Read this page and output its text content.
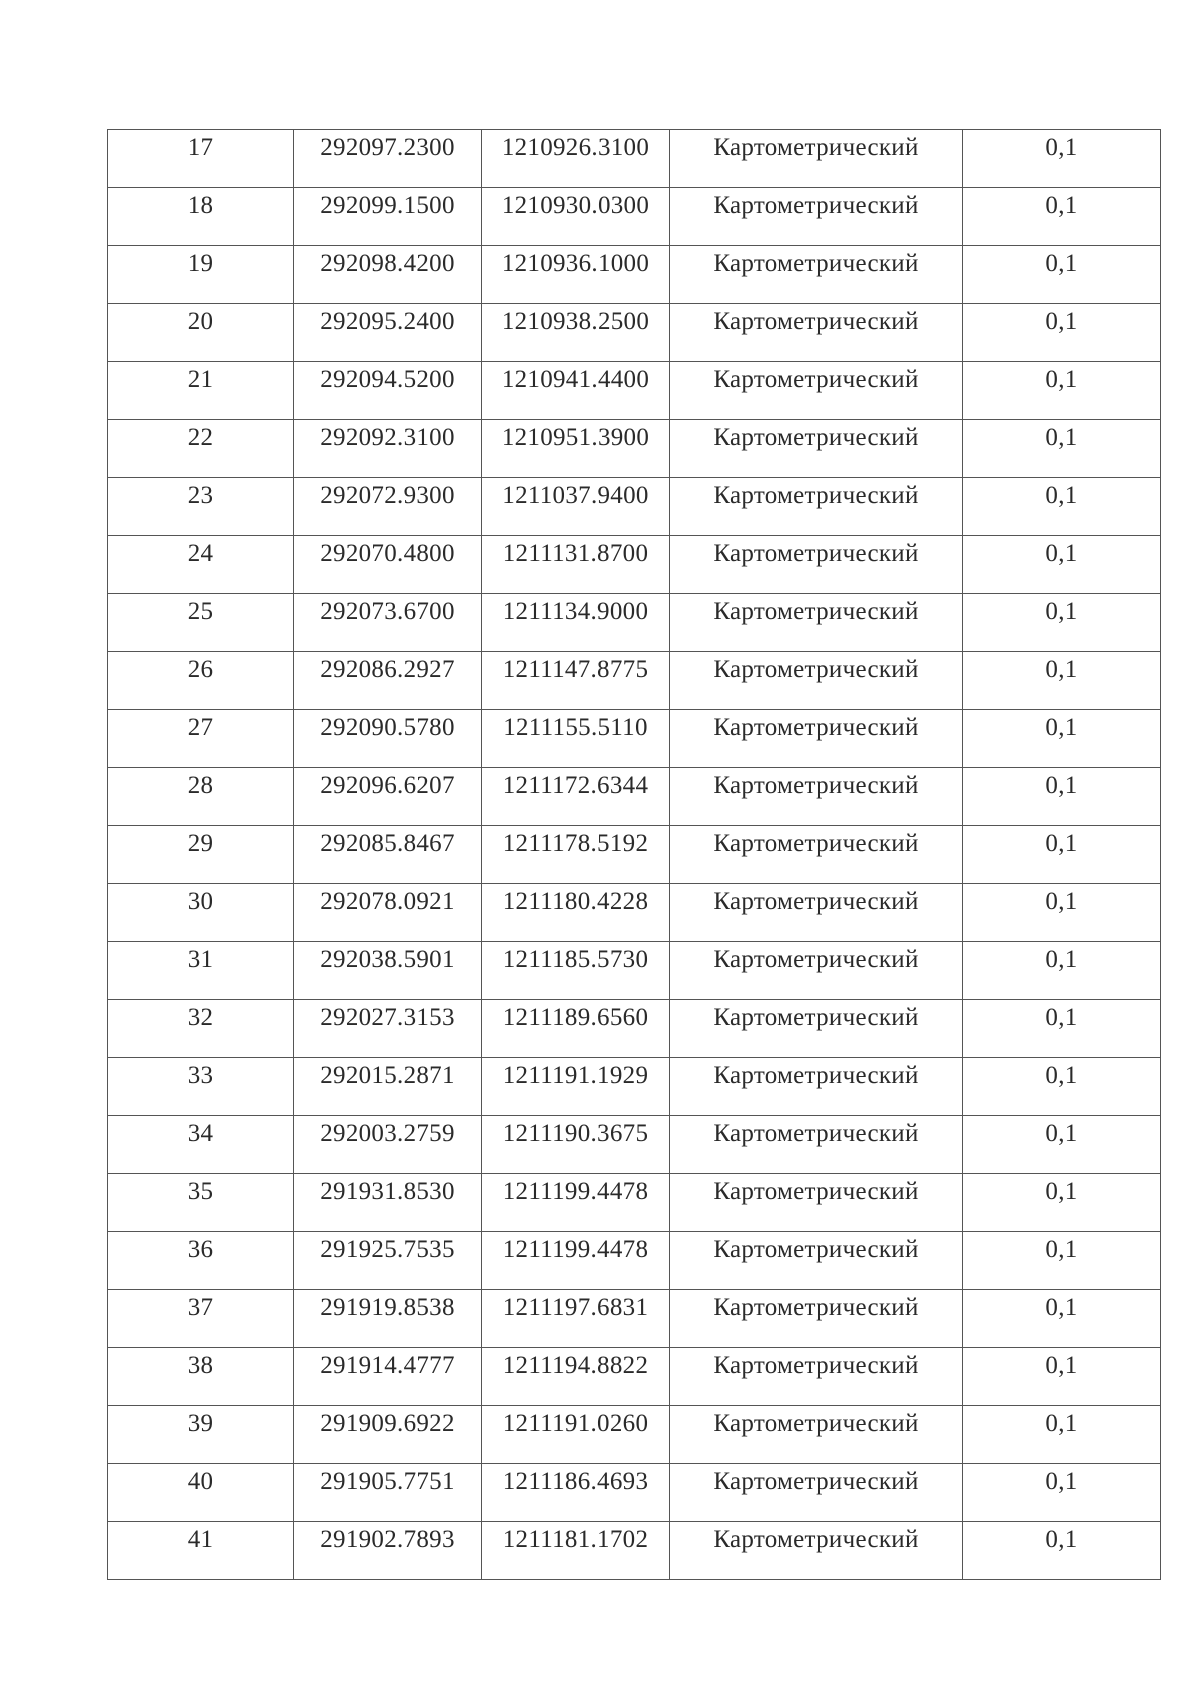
17	292097.2300	1210926.3100	Картометрический	0,1

18	292099.1500	1210930.0300	Картометрический	0,1

19	292098.4200	1210936.1000	Картометрический	0,1

20	292095.2400	1210938.2500	Картометрический	0,1

21	292094.5200	1210941.4400	Картометрический	0,1

22	292092.3100	1210951.3900	Картометрический	0,1

23	292072.9300	1211037.9400	Картометрический	0,1

24	292070.4800	1211131.8700	Картометрический	0,1

25	292073.6700	1211134.9000	Картометрический	0,1

26	292086.2927	1211147.8775	Картометрический	0,1

27	292090.5780	1211155.5110	Картометрический	0,1

28	292096.6207	1211172.6344	Картометрический	0,1

29	292085.8467	1211178.5192	Картометрический	0,1

30	292078.0921	1211180.4228	Картометрический	0,1

31	292038.5901	1211185.5730	Картометрический	0,1

32	292027.3153	1211189.6560	Картометрический	0,1

33	292015.2871	1211191.1929	Картометрический	0,1

34	292003.2759	1211190.3675	Картометрический	0,1

35	291931.8530	1211199.4478	Картометрический	0,1

36	291925.7535	1211199.4478	Картометрический	0,1

37	291919.8538	1211197.6831	Картометрический	0,1

38	291914.4777	1211194.8822	Картометрический	0,1

39	291909.6922	1211191.0260	Картометрический	0,1

40	291905.7751	1211186.4693	Картометрический	0,1

41	291902.7893	1211181.1702	Картометрический	0,1
